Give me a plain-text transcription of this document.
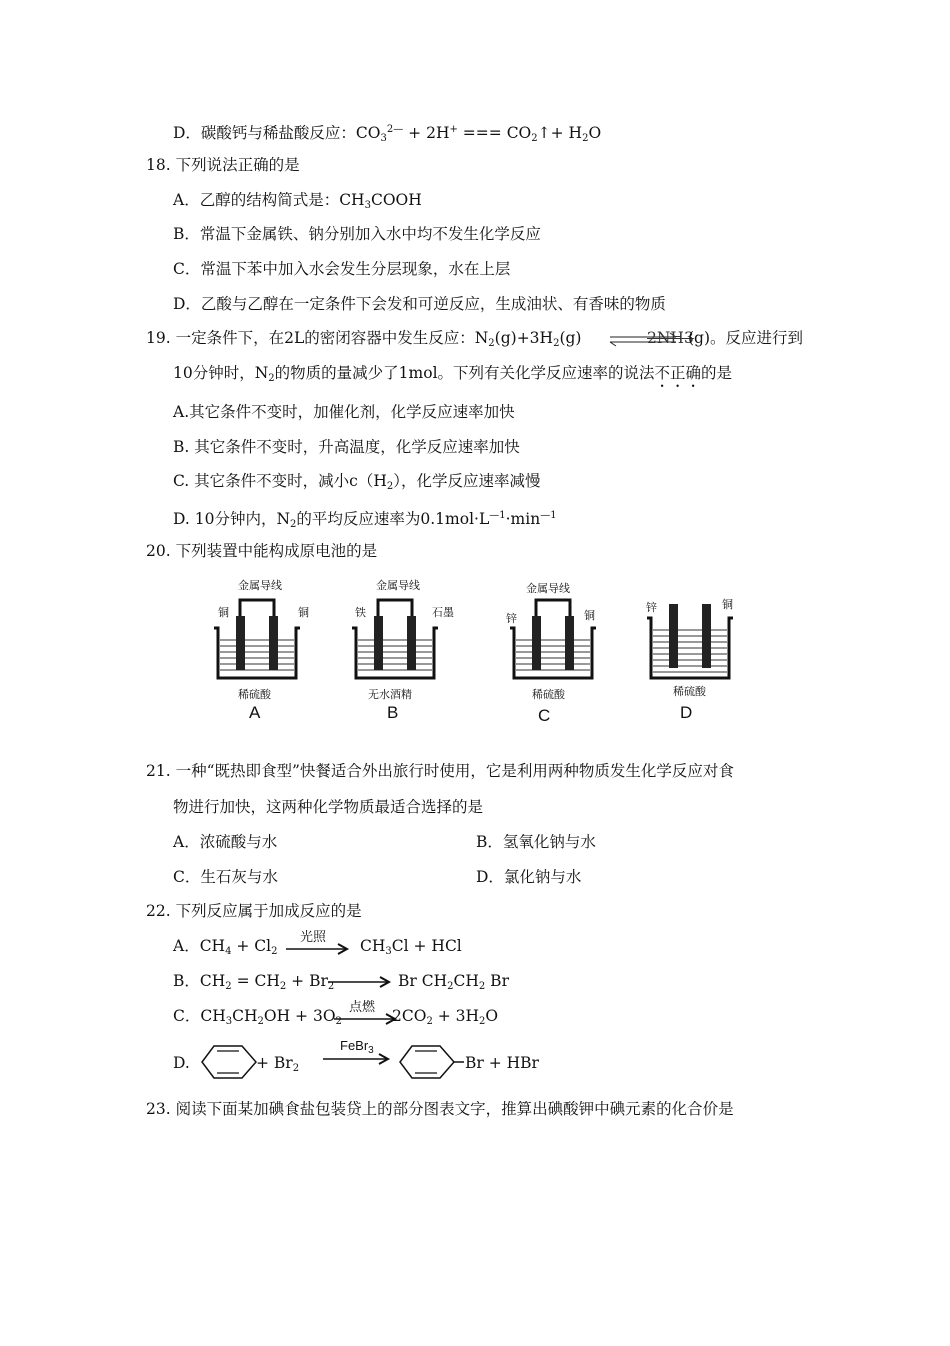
D．碳酸钙与稀盐酸反应：$CO_3^{2—} + 2H^+$ === $CO_2↑+ H_2O$
18. 下列说法正确的是
A．乙醇的结构简式是：$CH_3COOH$
B．常温下金属铁、钠分别加入水中均不发生化学反应
C．常温下苯中加入水会发生分层现象，水在上层
D．乙酸与乙醇在一定条件下会发和可逆反应，生成油状、有香味的物质
19. 一定条件下，在2L的密闭容器中发生反应：$N_2(g)+3H_2(g)$	2NH3
(g)。反应进行到
10分钟时，$N_2$的物质的量减少了1mol。下列有关化学反应速率的说法不正确的是
A.其它条件不变时，加催化剂，化学反应速率加快
B. 其它条件不变时，升高温度，化学反应速率加快
C. 其它条件不变时，减小$c(H_2)$，化学反应速率减慢
D. 10分钟内，$N_2$的平均反应速率为$0.1mol\cdot L^{—1}\cdot\min^{—1}$
20. 下列装置中能构成原电池的是
金属导线
铜	铜
稀硫酸
A
金属导线
铁	石墨
无水酒精
B
金属导线
锌	铜
稀硫酸
C
锌	铜
稀硫酸
D
21. 一种“既热即食型”快餐适合外出旅行时使用，它是利用两种物质发生化学反应对食
物进行加快，这两种化学物质最适合选择的是
A．浓硫酸与水	B．氢氧化钠与水
C．生石灰与水	D．氯化钠与水
22. 下列反应属于加成反应的是
A．$CH_4 + Cl_2$
光照 $CH_3Cl$ + HCl
B．$CH_2 = CH_2 + Br_2$	Br $CH_2CH_2$ Br
C．$CH_3CH_2OH + 3O_2$
点燃 $2CO_2 + 3H_2O$
D.	+ $Br_2$
FeBr$_3$
Br + HBr
23. 阅读下面某加碘食盐包装贷上的部分图表文字，推算出碘酸钾中碘元素的化合价是
